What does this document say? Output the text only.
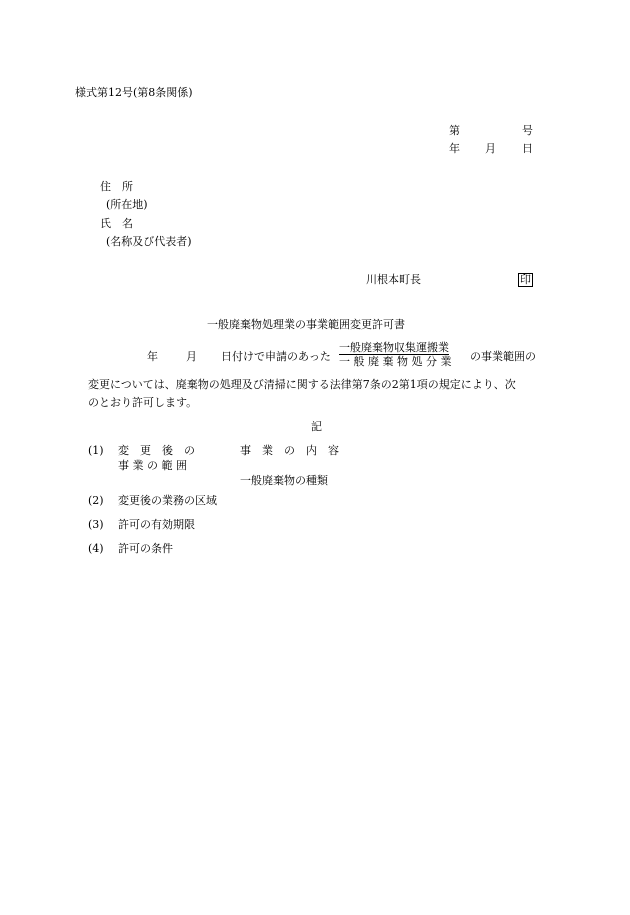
様式第12号(第8条関係)
第	号
年 月 日
住　所
(所在地)
氏　名
(名称及び代表者)
川根本町長	印
一般廃棄物処理業の事業範囲変更許可書
年	月 日付けで申請のあった
一般廃棄物収集運搬業
一 般 廃 棄 物 処 分 業 の事業範囲の
変更については、廃棄物の処理及び清掃に関する法律第7条の2第1項の規定により、次
のとおり許可します。
記
(1) 変　更　後　の
事 業 の 範 囲
事　業　の　内　容
一般廃棄物の種類
(2) 変更後の業務の区域
(3) 許可の有効期限
(4) 許可の条件
